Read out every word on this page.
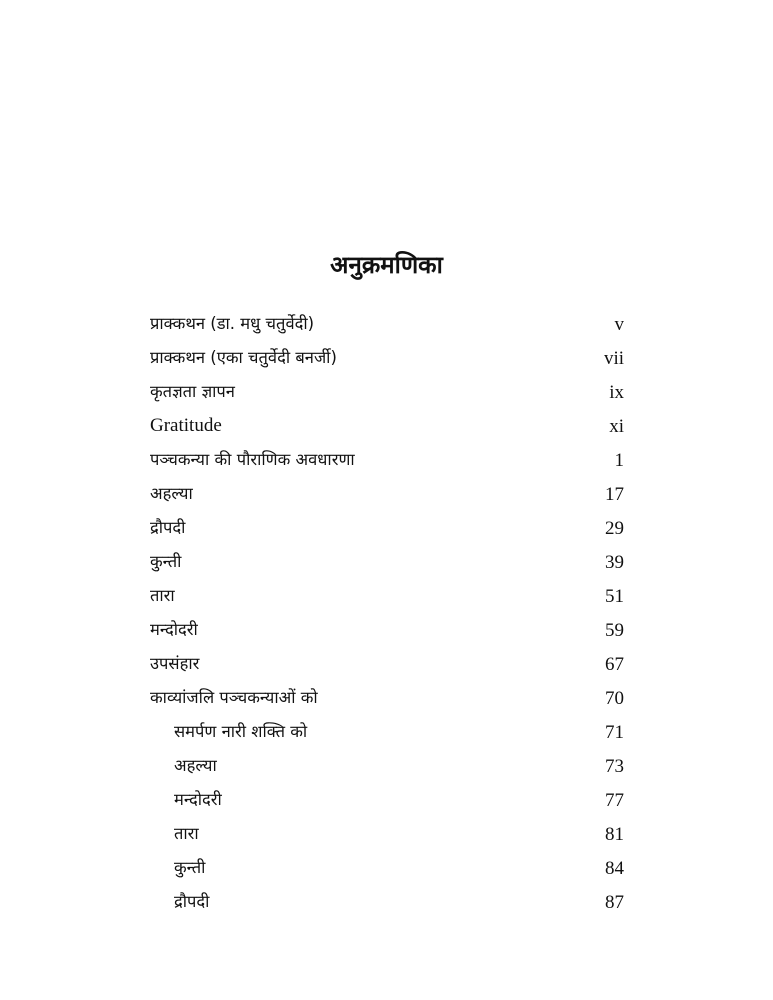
अनुक्रमणिका
प्राक्कथन (डा. मधु चतुर्वेदी)	v
प्राक्कथन (एका चतुर्वेदी बनर्जी)	vii
कृतज्ञता ज्ञापन	ix
Gratitude	xi
पञ्चकन्या की पौराणिक अवधारणा	1
अहल्या	17
द्रौपदी	29
कुन्ती	39
तारा	51
मन्दोदरी	59
उपसंहार	67
काव्यांजलि पञ्चकन्याओं को	70
समर्पण नारी शक्ति को	71
अहल्या	73
मन्दोदरी	77
तारा	81
कुन्ती	84
द्रौपदी	87
